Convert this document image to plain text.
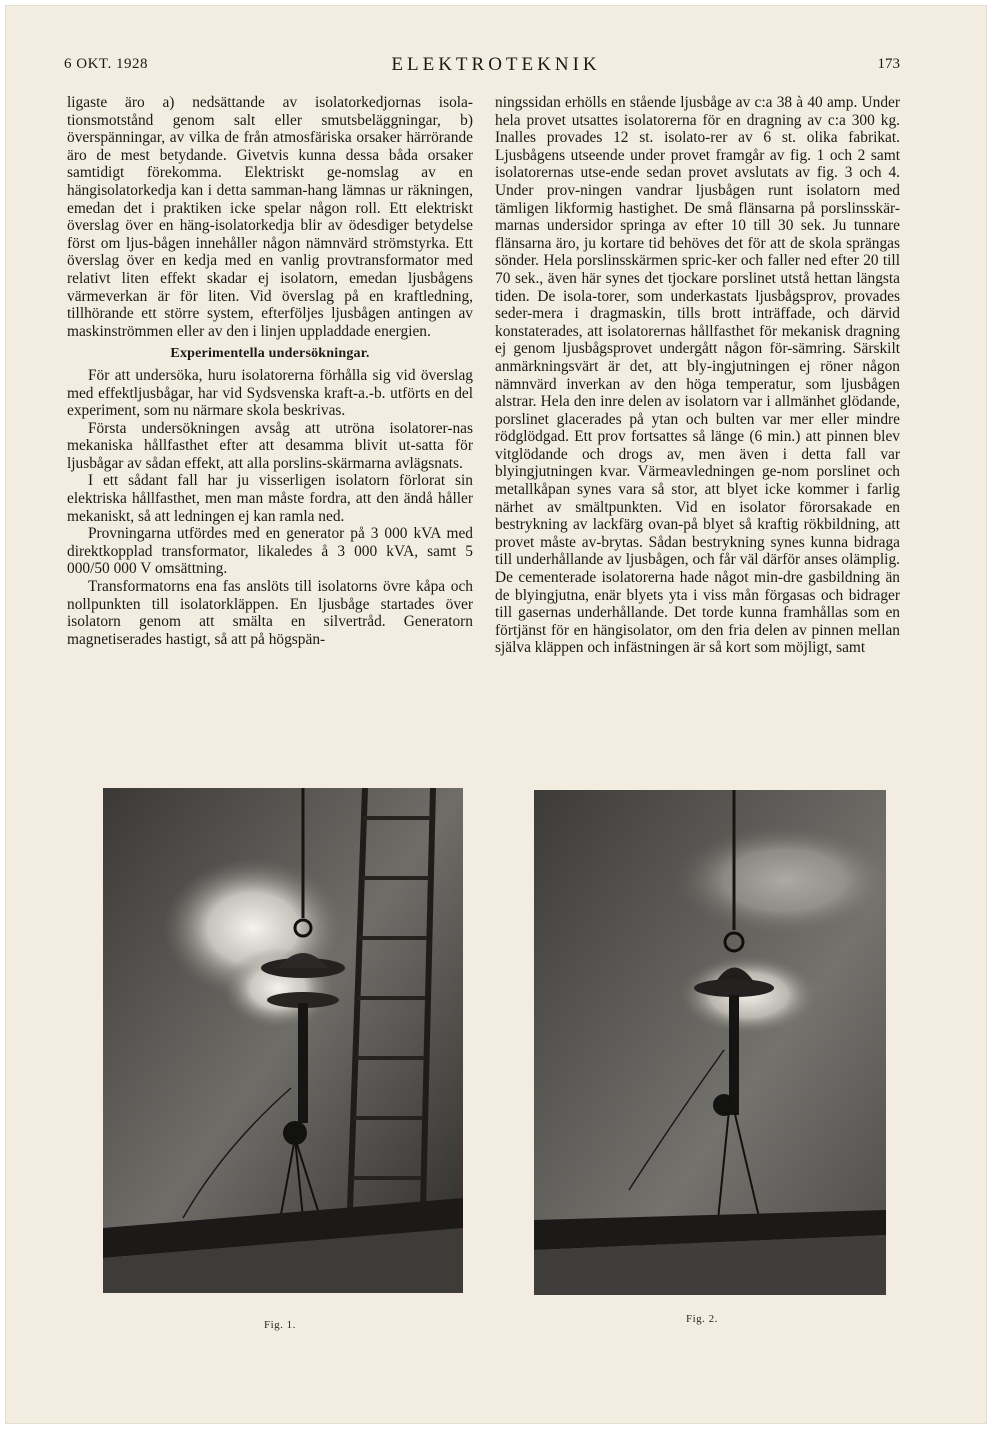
6 OKT. 1928	ELEKTROTEKNIK	173

ligaste äro a) nedsättande av isolatorkedjornas isola-tionsmotstånd genom salt eller smutsbeläggningar, b) överspänningar, av vilka de från atmosfäriska orsaker härrörande äro de mest betydande. Givetvis kunna dessa båda orsaker samtidigt förekomma. Elektriskt ge-nomslag av en hängisolatorkedja kan i detta samman-hang lämnas ur räkningen, emedan det i praktiken icke spelar någon roll. Ett elektriskt överslag över en häng-isolatorkedja blir av ödesdiger betydelse först om ljus-bågen innehåller någon nämnvärd strömstyrka. Ett överslag över en kedja med en vanlig provtransformator med relativt liten effekt skadar ej isolatorn, emedan ljusbågens värmeverkan är för liten. Vid överslag på en kraftledning, tillhörande ett större system, efterföljes ljusbågen antingen av maskinströmmen eller av den i linjen uppladdade energien.

Experimentella undersökningar.

För att undersöka, huru isolatorerna förhålla sig vid överslag med effektljusbågar, har vid Sydsvenska kraft-a.-b. utförts en del experiment, som nu närmare skola beskrivas.

Första undersökningen avsåg att utröna isolatorer-nas mekaniska hållfasthet efter att desamma blivit ut-satta för ljusbågar av sådan effekt, att alla porslins-skärmarna avlägsnats.

I ett sådant fall har ju visserligen isolatorn förlorat sin elektriska hållfasthet, men man måste fordra, att den ändå håller mekaniskt, så att ledningen ej kan ramla ned.

Provningarna utfördes med en generator på 3 000 kVA med direktkopplad transformator, likaledes å 3 000 kVA, samt 5 000/50 000 V omsättning.

Transformatorns ena fas anslöts till isolatorns övre kåpa och nollpunkten till isolatorkläppen. En ljusbåge startades över isolatorn genom att smälta en silvertråd. Generatorn magnetiserades hastigt, så att på högspän-

ningssidan erhölls en stående ljusbåge av c:a 38 à 40 amp. Under hela provet utsattes isolatorerna för en dragning av c:a 300 kg. Inalles provades 12 st. isolato-rer av 6 st. olika fabrikat. Ljusbågens utseende under provet framgår av fig. 1 och 2 samt isolatorernas utse-ende sedan provet avslutats av fig. 3 och 4. Under prov-ningen vandrar ljusbågen runt isolatorn med tämligen likformig hastighet. De små flänsarna på porslinsskär-marnas undersidor springa av efter 10 till 30 sek. Ju tunnare flänsarna äro, ju kortare tid behöves det för att de skola sprängas sönder. Hela porslinsskärmen spric-ker och faller ned efter 20 till 70 sek., även här synes det tjockare porslinet utstå hettan längsta tiden. De isola-torer, som underkastats ljusbågsprov, provades seder-mera i dragmaskin, tills brott inträffade, och därvid konstaterades, att isolatorernas hållfasthet för mekanisk dragning ej genom ljusbågsprovet undergått någon för-sämring. Särskilt anmärkningsvärt är det, att bly-ingjutningen ej röner någon nämnvärd inverkan av den höga temperatur, som ljusbågen alstrar. Hela den inre delen av isolatorn var i allmänhet glödande, porslinet glacerades på ytan och bulten var mer eller mindre rödglödgad. Ett prov fortsattes så länge (6 min.) att pinnen blev vitglödande och drogs av, men även i detta fall var blyingjutningen kvar. Värmeavledningen ge-nom porslinet och metallkåpan synes vara så stor, att blyet icke kommer i farlig närhet av smältpunkten. Vid en isolator förorsakade en bestrykning av lackfärg ovan-på blyet så kraftig rökbildning, att provet måste av-brytas. Sådan bestrykning synes kunna bidraga till underhållande av ljusbågen, och får väl därför anses olämplig. De cementerade isolatorerna hade något min-dre gasbildning än de blyingjutna, enär blyets yta i viss mån förgasas och bidrager till gasernas underhållande. Det torde kunna framhållas som en förtjänst för en hängisolator, om den fria delen av pinnen mellan själva kläppen och infästningen är så kort som möjligt, samt

Fig. 1.	Fig. 2.
